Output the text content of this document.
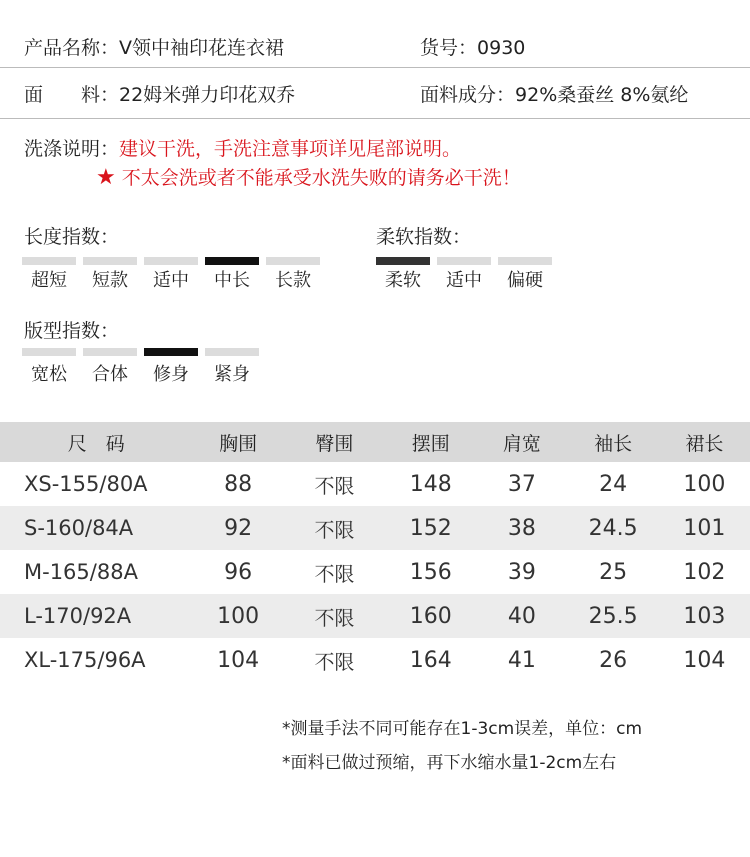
产品名称：V领中袖印花连衣裙	货号：0930
面　　料：22姆米弹力印花双乔	面料成分：92%桑蚕丝 8%氨纶
洗涤说明：建议干洗，手洗注意事项详见尾部说明。
★ 不太会洗或者不能承受水洗失败的请务必干洗！
长度指数：
超短	短款	适中	中长	长款
柔软指数：
柔软	适中	偏硬
版型指数：
宽松	合体	修身	紧身
尺　码	胸围	臀围	摆围	肩宽	袖长	裙长
XS-155/80A	88	不限	148	37	24	100
S-160/84A	92	不限	152	38	24.5	101
M-165/88A	96	不限	156	39	25	102
L-170/92A	100	不限	160	40	25.5	103
XL-175/96A	104	不限	164	41	26	104
*测量手法不同可能存在1-3cm误差，单位：cm
*面料已做过预缩，再下水缩水量1-2cm左右
